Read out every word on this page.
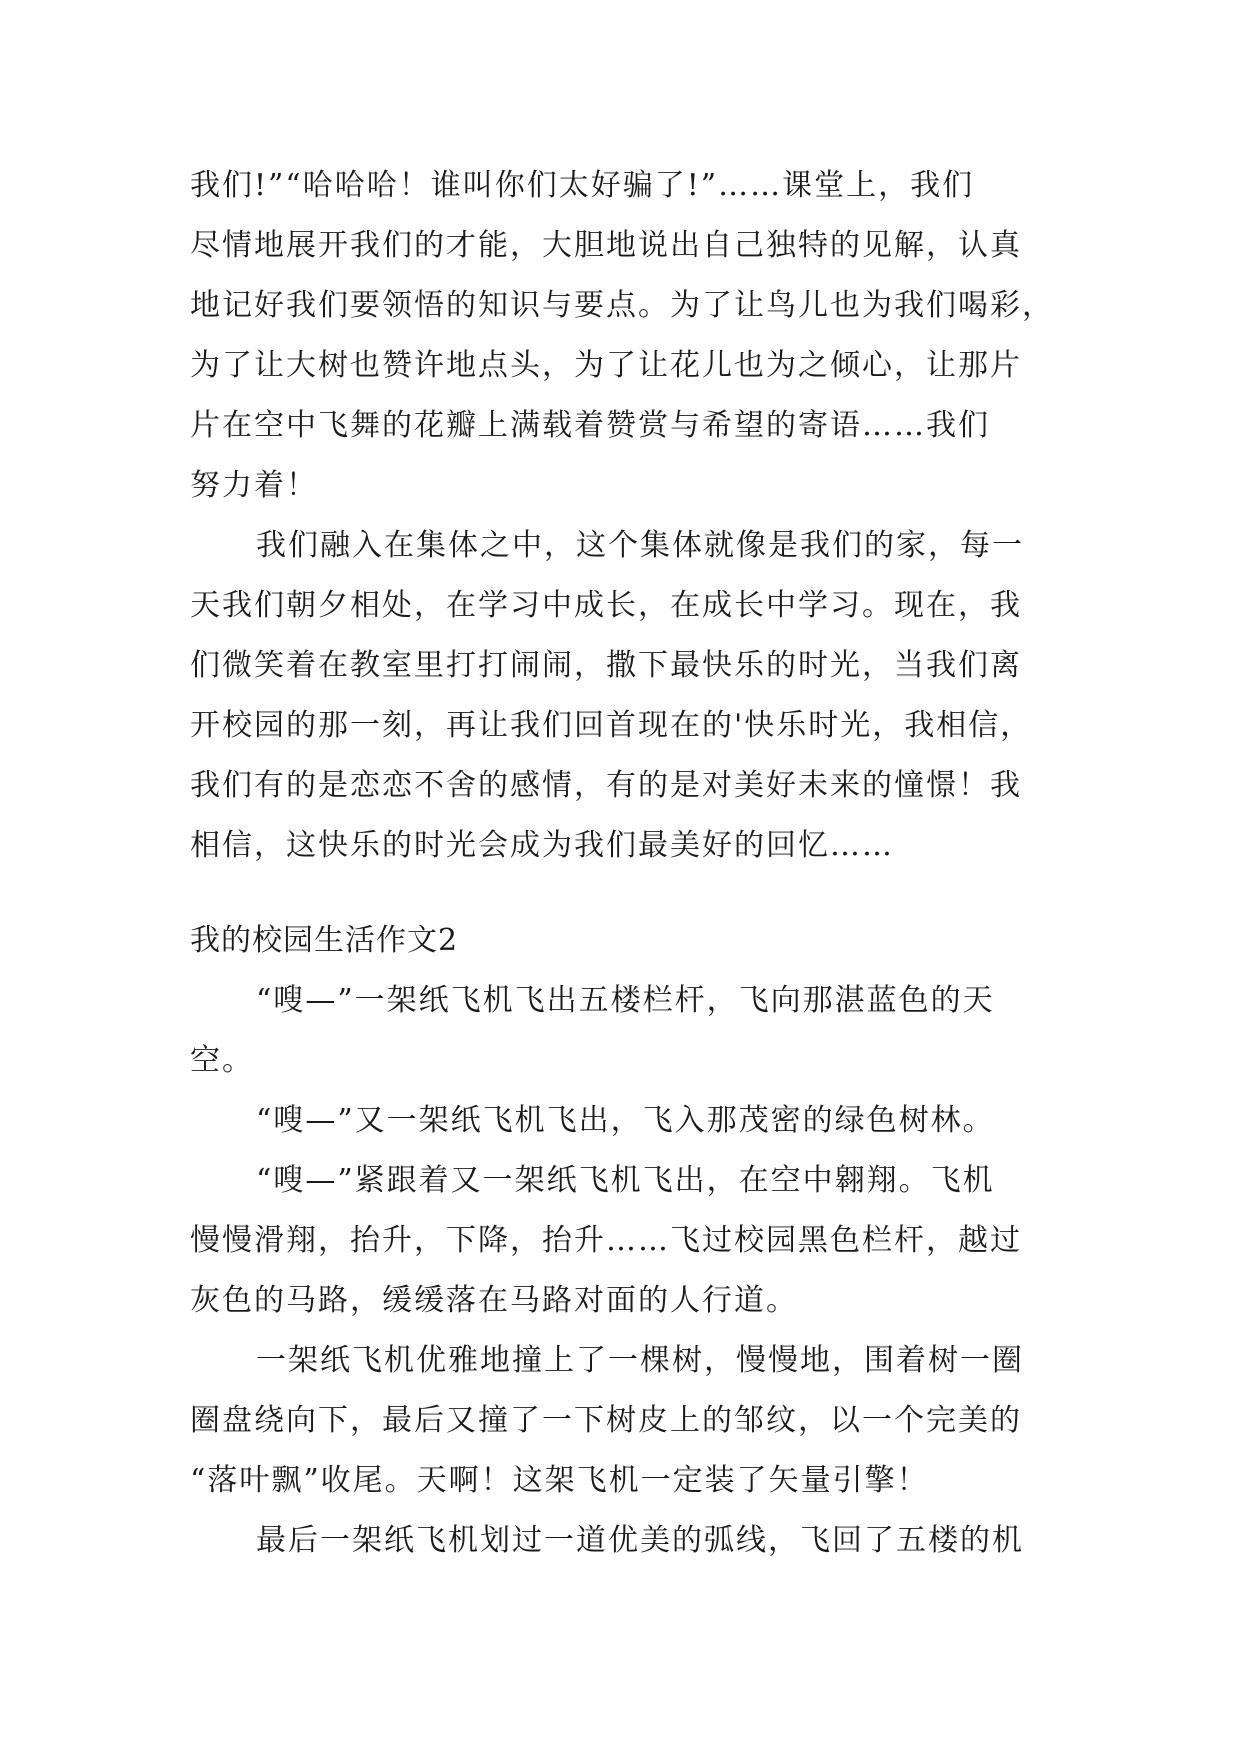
我们!”“哈哈哈！谁叫你们太好骗了!”……课堂上，我们
尽情地展开我们的才能，大胆地说出自己独特的见解，认真
地记好我们要领悟的知识与要点。为了让鸟儿也为我们喝彩，
为了让大树也赞许地点头，为了让花儿也为之倾心，让那片
片在空中飞舞的花瓣上满载着赞赏与希望的寄语……我们
努力着！
我们融入在集体之中，这个集体就像是我们的家，每一
天我们朝夕相处，在学习中成长，在成长中学习。现在，我
们微笑着在教室里打打闹闹，撒下最快乐的时光，当我们离
开校园的那一刻，再让我们回首现在的'快乐时光，我相信，
我们有的是恋恋不舍的感情，有的是对美好未来的憧憬！我
相信，这快乐的时光会成为我们最美好的回忆……
我的校园生活作文2
“嗖—”一架纸飞机飞出五楼栏杆，飞向那湛蓝色的天
空。
“嗖—”又一架纸飞机飞出，飞入那茂密的绿色树林。
“嗖—”紧跟着又一架纸飞机飞出，在空中翱翔。飞机
慢慢滑翔，抬升，下降，抬升……飞过校园黑色栏杆，越过
灰色的马路，缓缓落在马路对面的人行道。
一架纸飞机优雅地撞上了一棵树，慢慢地，围着树一圈
圈盘绕向下，最后又撞了一下树皮上的邹纹，以一个完美的
“落叶飘”收尾。天啊！这架飞机一定装了矢量引擎！
最后一架纸飞机划过一道优美的弧线，飞回了五楼的机
